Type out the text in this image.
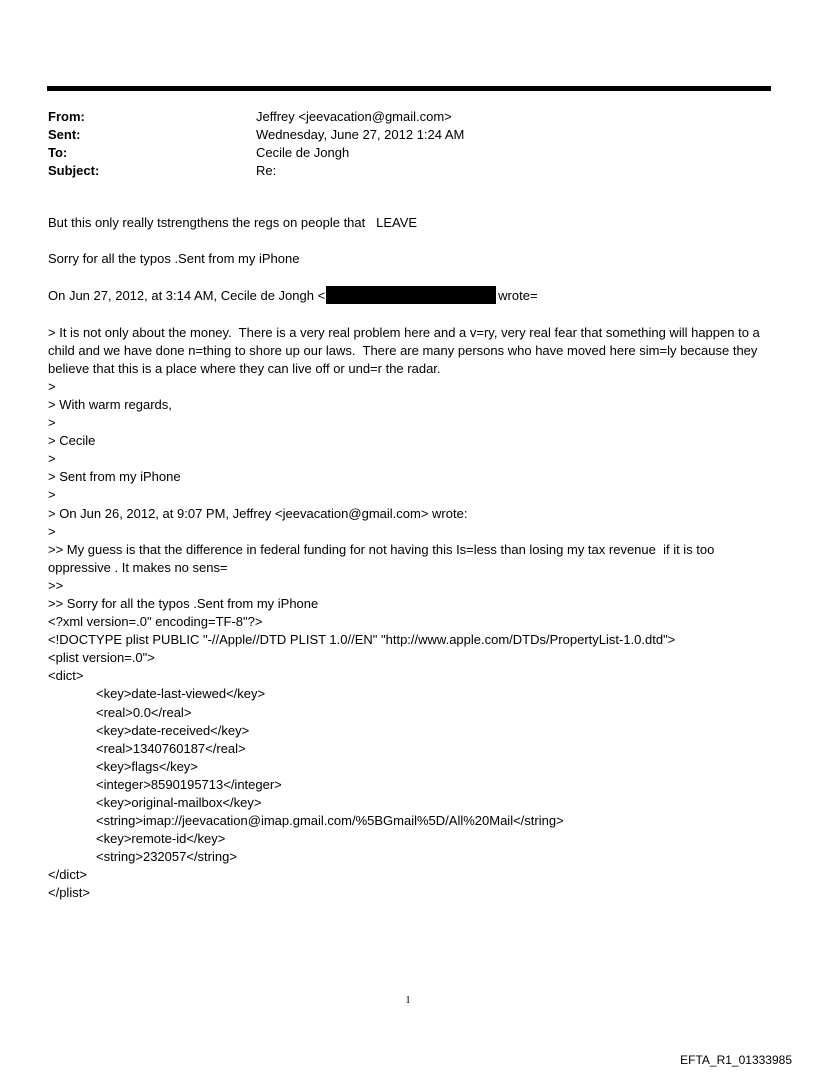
From:	Jeffrey <jeevacation@gmail.com>
Sent:	Wednesday, June 27, 2012 1:24 AM
To:	Cecile de Jongh
Subject:	Re:
But this only really tstrengthens the regs on people that   LEAVE
Sorry for all the typos .Sent from my iPhone
On Jun 27, 2012, at 3:14 AM, Cecile de Jongh <	wrote=
> It is not only about the money.  There is a very real problem here and a v=ry, very real fear that something will happen to a child and we have done n=thing to shore up our laws.  There are many persons who have moved here sim=ly because they believe that this is a place where they can live off or und=r the radar.
>
> With warm regards,
>
> Cecile
>
> Sent from my iPhone
>
> On Jun 26, 2012, at 9:07 PM, Jeffrey <jeevacation@gmail.com> wrote:
>
>> My guess is that the difference in federal funding for not having this Is=less than losing my tax revenue  if it is too oppressive . It makes no sens=
>>
>> Sorry for all the typos .Sent from my iPhone
<?xml version=.0" encoding=TF-8"?>
<!DOCTYPE plist PUBLIC "-//Apple//DTD PLIST 1.0//EN" "http://www.apple.com/DTDs/PropertyList-1.0.dtd">
<plist version=.0">
<dict>
<key>date-last-viewed</key>
<real>0.0</real>
<key>date-received</key>
<real>1340760187</real>
<key>flags</key>
<integer>8590195713</integer>
<key>original-mailbox</key>
<string>imap://jeevacation@imap.gmail.com/%5BGmail%5D/All%20Mail</string>
<key>remote-id</key>
<string>232057</string>
</dict>
</plist>
1
EFTA_R1_01333985
